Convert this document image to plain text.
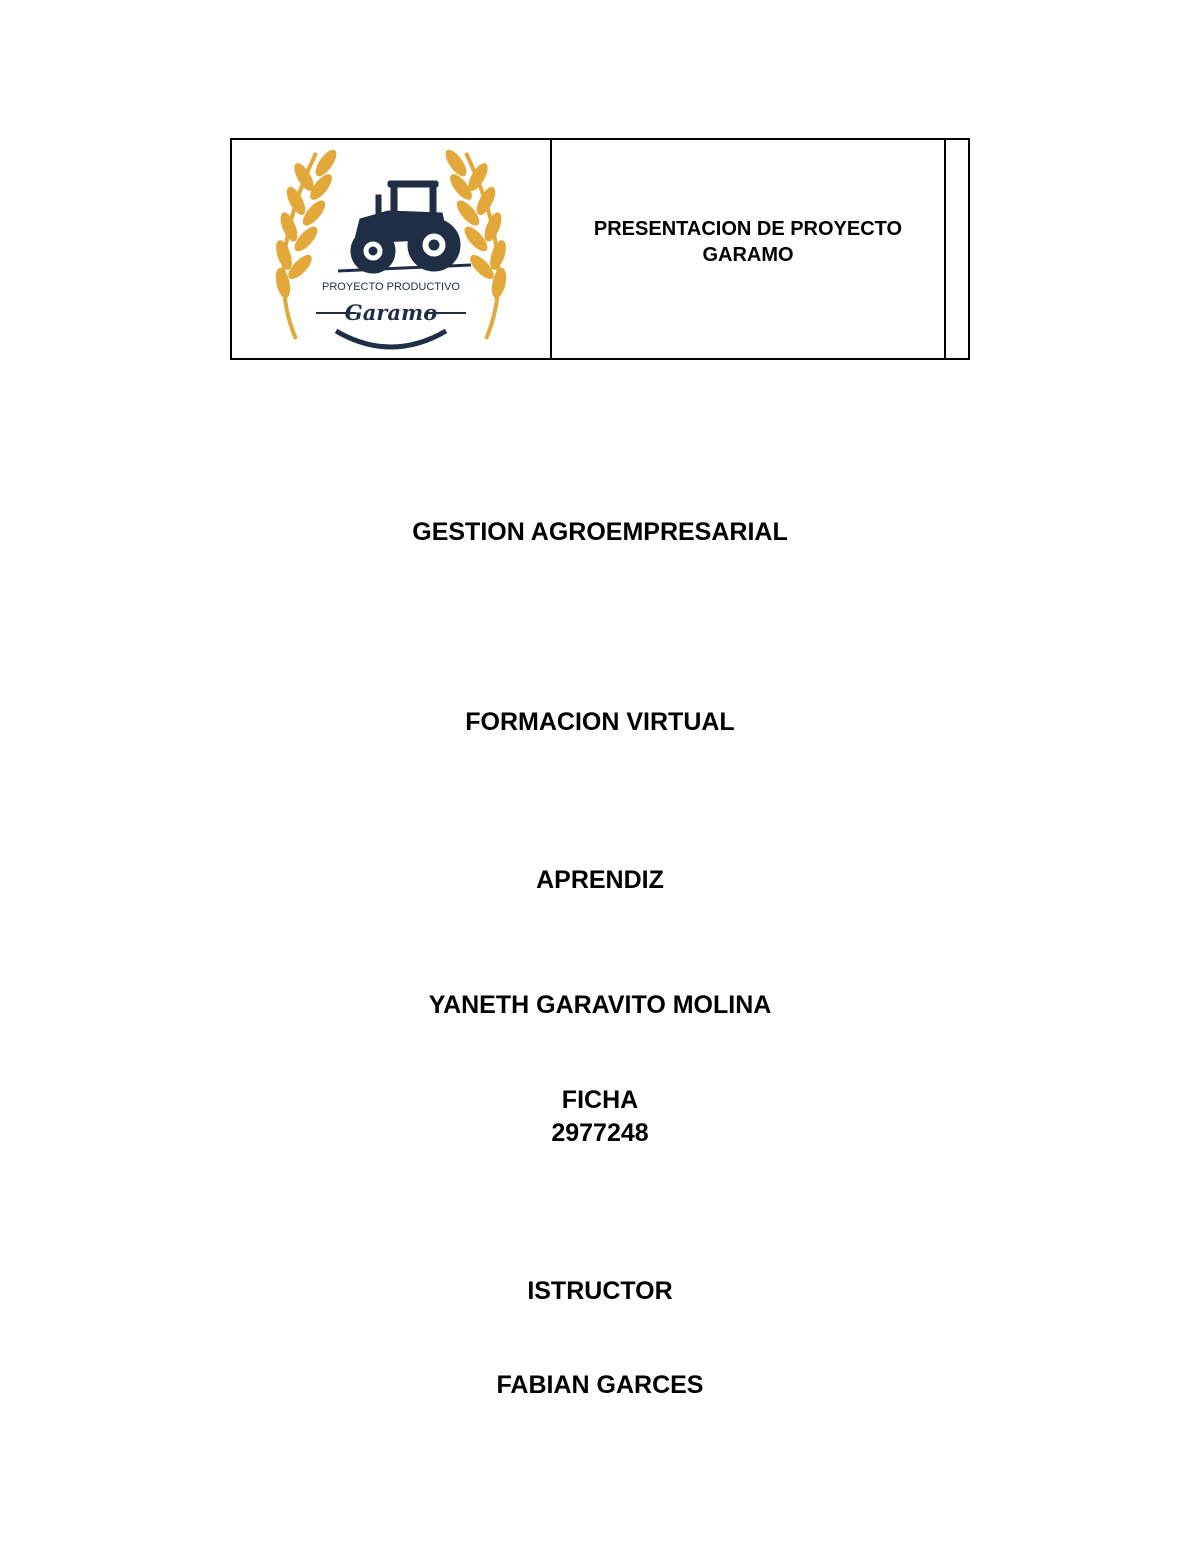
PROYECTO PRODUCTIVO
Garamo
PRESENTACION DE PROYECTO
GARAMO
GESTION AGROEMPRESARIAL
FORMACION VIRTUAL
APRENDIZ
YANETH GARAVITO MOLINA
FICHA
2977248
ISTRUCTOR
FABIAN GARCES
